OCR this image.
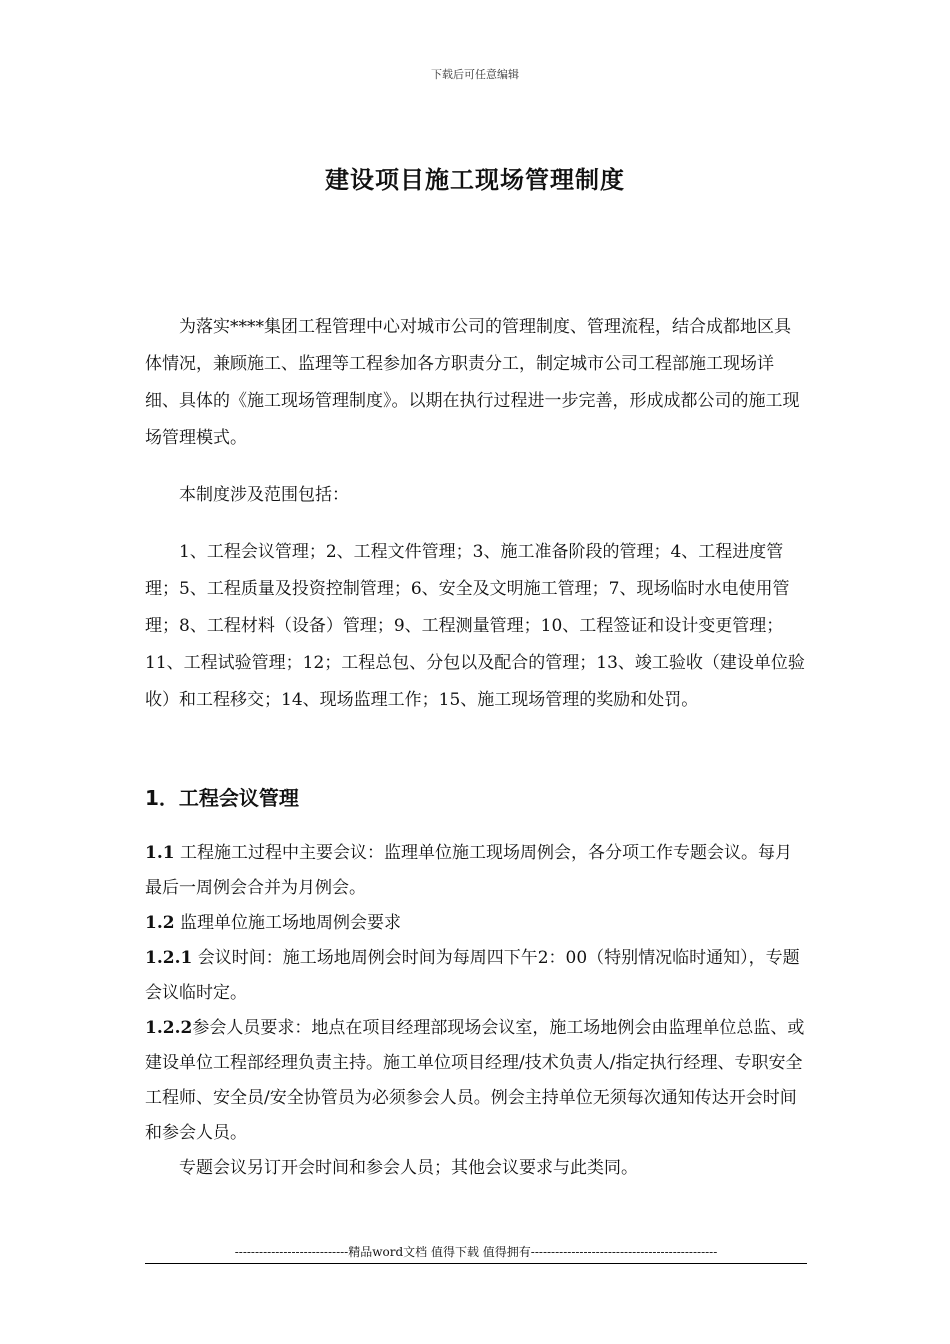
下载后可任意编辑
建设项目施工现场管理制度

为落实****集团工程管理中心对城市公司的管理制度、管理流程，结合成都地区具体情况，兼顾施工、监理等工程参加各方职责分工，制定城市公司工程部施工现场详细、具体的《施工现场管理制度》。以期在执行过程进一步完善，形成成都公司的施工现场管理模式。

本制度涉及范围包括：

1、工程会议管理；2、工程文件管理；3、施工准备阶段的管理；4、工程进度管理；5、工程质量及投资控制管理；6、安全及文明施工管理；7、现场临时水电使用管理；8、工程材料（设备）管理；9、工程测量管理；10、工程签证和设计变更管理；11、工程试验管理；12；工程总包、分包以及配合的管理；13、竣工验收（建设单位验收）和工程移交；14、现场监理工作；15、施工现场管理的奖励和处罚。

1．工程会议管理

1.1 工程施工过程中主要会议：监理单位施工现场周例会，各分项工作专题会议。每月最后一周例会合并为月例会。

1.2 监理单位施工场地周例会要求

1.2.1 会议时间：施工场地周例会时间为每周四下午2：00（特别情况临时通知），专题会议临时定。

1.2.2参会人员要求：地点在项目经理部现场会议室，施工场地例会由监理单位总监、或建设单位工程部经理负责主持。施工单位项目经理/技术负责人/指定执行经理、专职安全工程师、安全员/安全协管员为必须参会人员。例会主持单位无须每次通知传达开会时间和参会人员。

专题会议另订开会时间和参会人员；其他会议要求与此类同。

----------------------------精品word文档 值得下载 值得拥有----------------------------------------------
